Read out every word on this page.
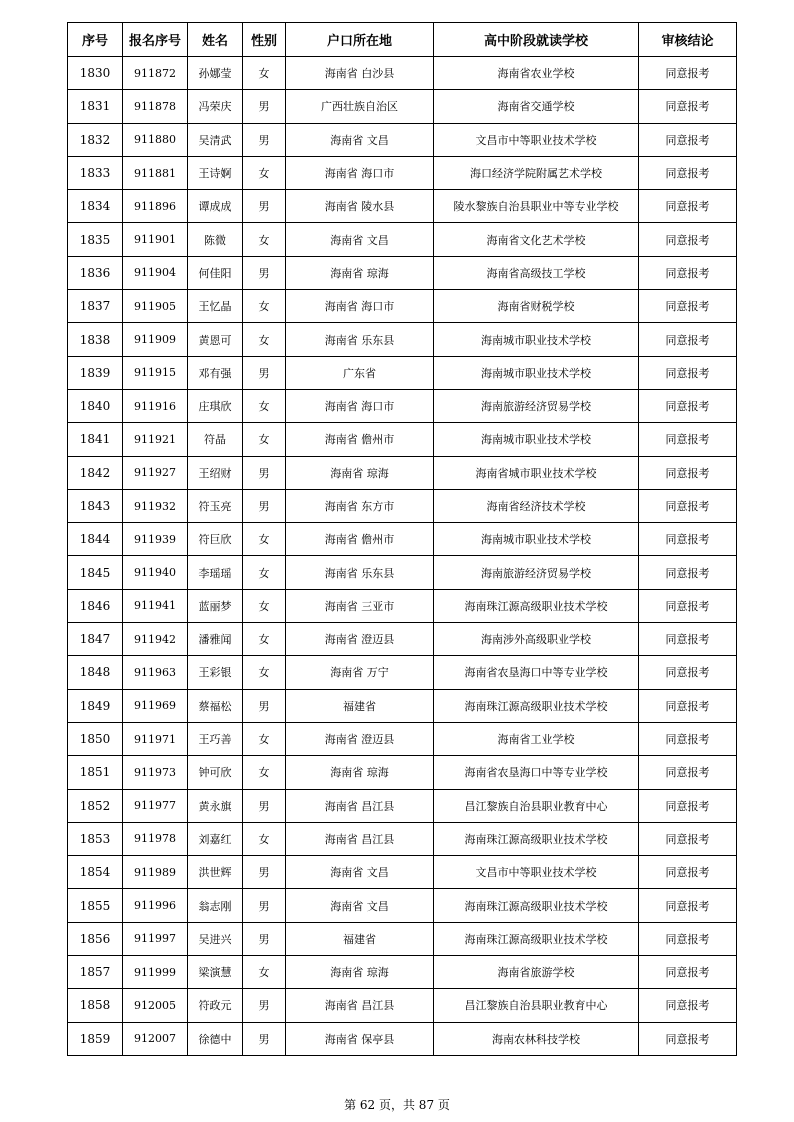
序号	报名序号	姓名	性别	户口所在地	高中阶段就读学校	审核结论
1830	911872	孙娜莹	女	海南省 白沙县	海南省农业学校	同意报考
1831	911878	冯荣庆	男	广西壮族自治区	海南省交通学校	同意报考
1832	911880	吴清武	男	海南省 文昌	文昌市中等职业技术学校	同意报考
1833	911881	王诗婀	女	海南省 海口市	海口经济学院附属艺术学校	同意报考
1834	911896	谭成成	男	海南省 陵水县	陵水黎族自治县职业中等专业学校	同意报考
1835	911901	陈微	女	海南省 文昌	海南省文化艺术学校	同意报考
1836	911904	何佳阳	男	海南省 琼海	海南省高级技工学校	同意报考
1837	911905	王忆晶	女	海南省 海口市	海南省财税学校	同意报考
1838	911909	黄恩可	女	海南省 乐东县	海南城市职业技术学校	同意报考
1839	911915	邓有强	男	广东省	海南城市职业技术学校	同意报考
1840	911916	庄琪欣	女	海南省 海口市	海南旅游经济贸易学校	同意报考
1841	911921	符晶	女	海南省 儋州市	海南城市职业技术学校	同意报考
1842	911927	王绍财	男	海南省 琼海	海南省城市职业技术学校	同意报考
1843	911932	符玉亮	男	海南省 东方市	海南省经济技术学校	同意报考
1844	911939	符巨欣	女	海南省 儋州市	海南城市职业技术学校	同意报考
1845	911940	李瑶瑶	女	海南省 乐东县	海南旅游经济贸易学校	同意报考
1846	911941	蓝丽梦	女	海南省 三亚市	海南珠江源高级职业技术学校	同意报考
1847	911942	潘雅闻	女	海南省 澄迈县	海南涉外高级职业学校	同意报考
1848	911963	王彩银	女	海南省 万宁	海南省农垦海口中等专业学校	同意报考
1849	911969	蔡福松	男	福建省	海南珠江源高级职业技术学校	同意报考
1850	911971	王巧善	女	海南省 澄迈县	海南省工业学校	同意报考
1851	911973	钟可欣	女	海南省 琼海	海南省农垦海口中等专业学校	同意报考
1852	911977	黄永旗	男	海南省 昌江县	昌江黎族自治县职业教育中心	同意报考
1853	911978	刘嘉红	女	海南省 昌江县	海南珠江源高级职业技术学校	同意报考
1854	911989	洪世辉	男	海南省 文昌	文昌市中等职业技术学校	同意报考
1855	911996	翁志刚	男	海南省 文昌	海南珠江源高级职业技术学校	同意报考
1856	911997	吴进兴	男	福建省	海南珠江源高级职业技术学校	同意报考
1857	911999	梁演慧	女	海南省 琼海	海南省旅游学校	同意报考
1858	912005	符政元	男	海南省 昌江县	昌江黎族自治县职业教育中心	同意报考
1859	912007	徐德中	男	海南省 保亭县	海南农林科技学校	同意报考
第 62 页，共 87 页
